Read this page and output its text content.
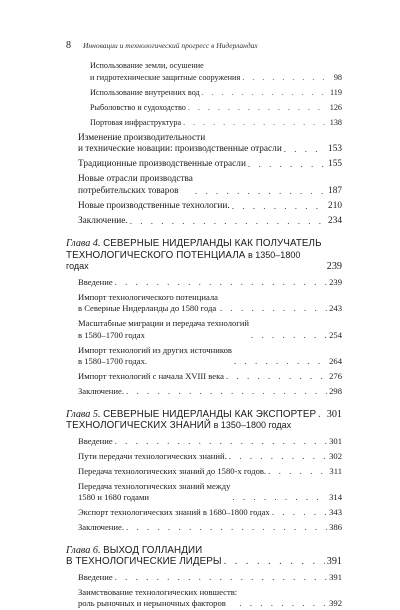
8 Инновации и технологический прогресс в Нидерландах
Использование земли, осушение
и гидротехнические защитные сооружения . . .	98
Использование внутренних вод . . .	119
Рыболовство и судоходство . . .	126
Портовая инфраструктура . . .	138
Изменение производительности
и технические новации: производственные отрасли . . .	153
Традиционные производственные отрасли . . .	155
Новые отрасли производства
потребительских товаров . . .	187
Новые производственные технологии. . . .	210
Заключение. . . .	234
Глава 4. СЕВЕРНЫЕ НИДЕРЛАНДЫ КАК ПОЛУЧАТЕЛЬ
ТЕХНОЛОГИЧЕСКОГО ПОТЕНЦИАЛА в 1350–1800 годах	239
Введение . . .	239
Импорт технологического потенциала
в Северные Нидерланды до 1580 года . . .	243
Масштабные миграции и передача технологий
в 1580–1700 годах . . .	254
Импорт технологий из других источников
в 1580–1700 годах. . . .	264
Импорт технологий с начала XVIII века . . .	276
Заключение. . . .	298
Глава 5. СЕВЕРНЫЕ НИДЕРЛАНДЫ КАК ЭКСПОРТЕР . . . 301
ТЕХНОЛОГИЧЕСКИХ ЗНАНИЙ в 1350–1800 годах
Введение . . .	301
Пути передачи технологических знаний. . . .	302
Передача технологических знаний до 1580-х годов. . . .	311
Передача технологических знаний между
1580 и 1680 годами . . .	314
Экспорт технологических знаний в 1680–1800 годах . . .	343
Заключение. . . .	386
Глава 6. ВЫХОД ГОЛЛАНДИИ
В ТЕХНОЛОГИЧЕСКИЕ ЛИДЕРЫ . . .	391
Введение . . .	391
Заимствование технологических новшеств:
роль рыночных и нерыночных факторов . . .	392
